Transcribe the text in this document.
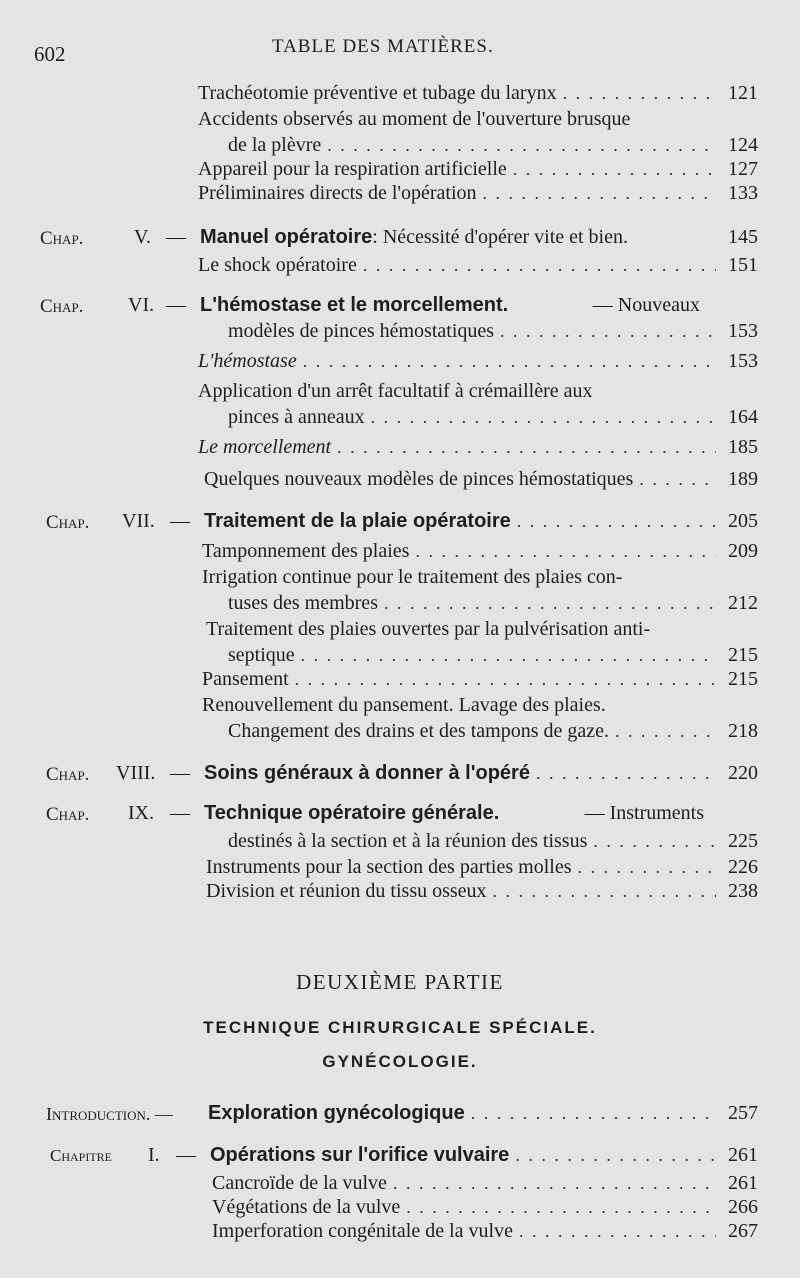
602	TABLE DES MATIÈRES.
Trachéotomie préventive et tubage du larynx . . .	121
Accidents observés au moment de l'ouverture brusque
de la plèvre . . .	124
Appareil pour la respiration artificielle . . .	127
Préliminaires directs de l'opération . . .	133
Chap.	V. — Manuel opératoire : Nécessité d'opérer vite et bien.	145
Le shock opératoire . . .	151
Chap. VI. — L'hémostase et le morcellement.	— Nouveaux
modèles de pinces hémostatiques . . .	153
L'hémostase . . .	153
Application d'un arrêt facultatif à crémaillère aux
pinces à anneaux . . .	164
Le morcellement . . .	185
Quelques nouveaux modèles de pinces hémostatiques . . .	189
Chap. VII. — Traitement de la plaie opératoire . . .	205
Tamponnement des plaies . . .	209
Irrigation continue pour le traitement des plaies con-
tuses des membres . . .	212
Traitement des plaies ouvertes par la pulvérisation anti-
septique . . .	215
Pansement . . .	215
Renouvellement du pansement. Lavage des plaies.
Changement des drains et des tampons de gaze. . . .	218
Chap. VIII. — Soins généraux à donner à l'opéré . . .	220
Chap. IX. — Technique opératoire générale.	— Instruments
destinés à la section et à la réunion des tissus . . .	225
Instruments pour la section des parties molles . . .	226
Division et réunion du tissu osseux . . .	238
DEUXIÈME PARTIE
TECHNIQUE CHIRURGICALE SPÉCIALE.
GYNÉCOLOGIE.
Introduction. — Exploration gynécologique . . .	257
Chapitre I. — Opérations sur l'orifice vulvaire . . .	261
Cancroïde de la vulve . . .	261
Végétations de la vulve . . .	266
Imperforation congénitale de la vulve . . .	267
